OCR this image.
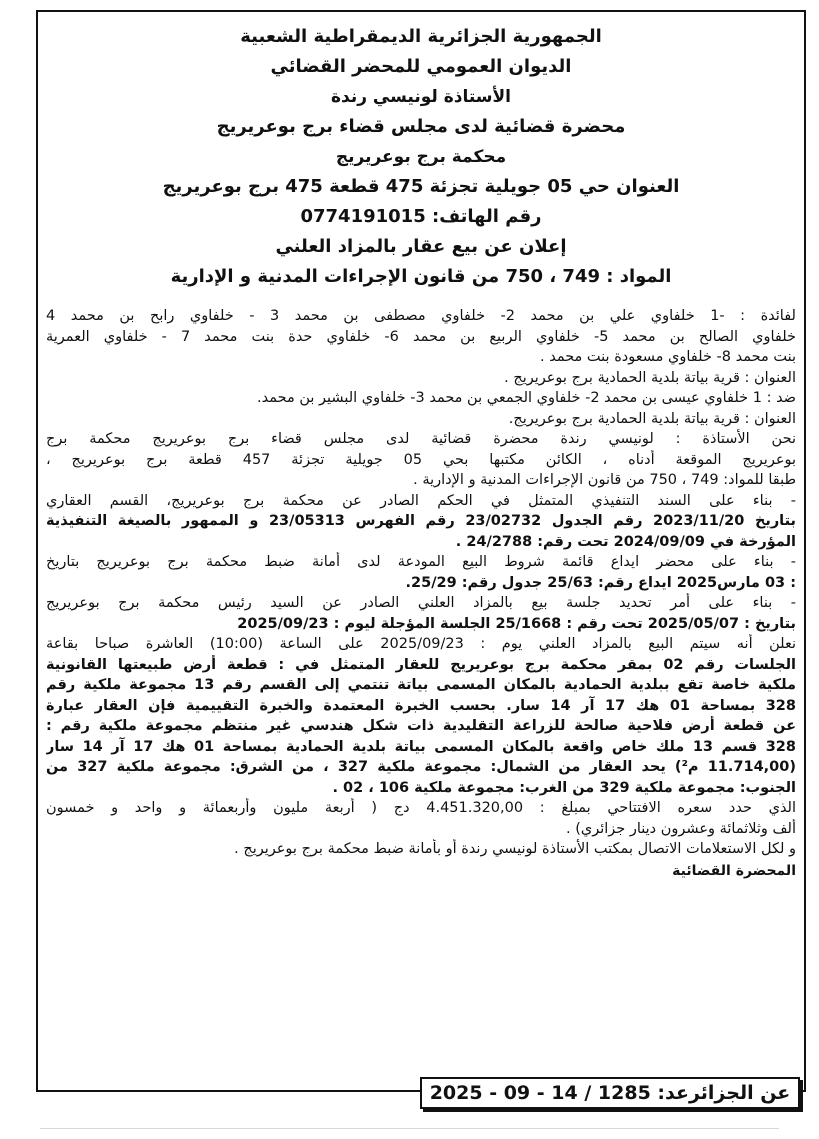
الجمهورية الجزائرية الديمقراطية الشعبية
الديوان العمومي للمحضر القضائي
الأستاذة لونيسي رندة
محضرة قضائية لدى مجلس قضاء برج بوعريريج
محكمة برج بوعريريج
العنوان حي 05 جويلية تجزئة 475 قطعة 475 برج بوعريريج
رقم الهاتف: 0774191015
إعلان عن بيع عقار بالمزاد العلني
المواد : 749 ، 750 من قانون الإجراءات المدنية و الإدارية
لفائدة : -1 خلفاوي علي بن محمد 2- خلفاوي مصطفى بن محمد 3 - خلفاوي رابح بن محمد 4
خلفاوي الصالح بن محمد 5- خلفاوي الربيع بن محمد 6- خلفاوي حدة بنت محمد 7 - خلفاوي العمرية
بنت محمد 8- خلفاوي مسعودة بنت محمد .
العنوان : قرية بياتة بلدية الحمادية برج بوعريريج .
ضد : 1 خلفاوي عيسى بن محمد 2- خلفاوي الجمعي بن محمد 3- خلفاوي البشير بن محمد.
العنوان : قرية بياتة بلدية الحمادية برج بوعريريج.
نحن الأستاذة : لونيسي رندة محضرة قضائية لدى مجلس قضاء برج بوعريريج محكمة برج
بوعريريج الموقعة أدناه ، الكائن مكتبها بحي 05 جويلية تجزئة 457 قطعة برج بوعريريج ،
طبقا للمواد: 749 ، 750 من قانون الإجراءات المدنية و الإدارية .
- بناء على السند التنفيذي المتمثل في الحكم الصادر عن محكمة برج بوعريريج، القسم العقاري
بتاريخ 2023/11/20 رقم الجدول 23/02732 رقم الفهرس 23/05313 و الممهور بالصيغة التنفيذية
المؤرخة في 2024/09/09 تحت رقم: 24/2788 .
- بناء على محضر ايداع قائمة شروط البيع المودعة لدى أمانة ضبط محكمة برج بوعريريج بتاريخ
: 03 مارس2025 ايداع رقم: 25/63 جدول رقم: 25/29.
- بناء على أمر تحديد جلسة بيع بالمزاد العلني الصادر عن السيد رئيس محكمة برج بوعريريج
بتاريخ : 2025/05/07 تحت رقم : 25/1668 الجلسة المؤجلة ليوم : 2025/09/23
نعلن أنه سيتم البيع بالمزاد العلني يوم : 2025/09/23 على الساعة (10:00) العاشرة صباحا بقاعة
الجلسات رقم 02 بمقر محكمة برج بوعريريج للعقار المتمثل في : قطعة أرض طبيعتها القانونية
ملكية خاصة تقع ببلدية الحمادية بالمكان المسمى بياتة تنتمي إلى القسم رقم 13 مجموعة ملكية رقم
328 بمساحة 01 هك 17 آر 14 سار. بحسب الخبرة المعتمدة والخبرة التقييمية فإن العقار عبارة
عن قطعة أرض فلاحية صالحة للزراعة التقليدية ذات شكل هندسي غير منتظم مجموعة ملكية رقم :
328 قسم 13 ملك خاص واقعة بالمكان المسمى بياتة بلدية الحمادية بمساحة 01 هك 17 آر 14 سار
(11.714,00 م²) يحد العقار من الشمال: مجموعة ملكية 327 ، من الشرق: مجموعة ملكية 327 من
الجنوب: مجموعة ملكية 329 من الغرب: مجموعة ملكية 106 ، 02 .
الذي حدد سعره الافتتاحي بمبلغ : 4.451.320,00 دج ( أربعة مليون وأربعمائة و واحد و خمسون
ألف وثلاثمائة وعشرون دينار جزائري) .
و لكل الاستعلامات الاتصال بمكتب الأستاذة لونيسي رندة أو بأمانة ضبط محكمة برج بوعريريج .
المحضرة القضائية
عن الجزائرعد: 1285 / 14 - 09 - 2025
